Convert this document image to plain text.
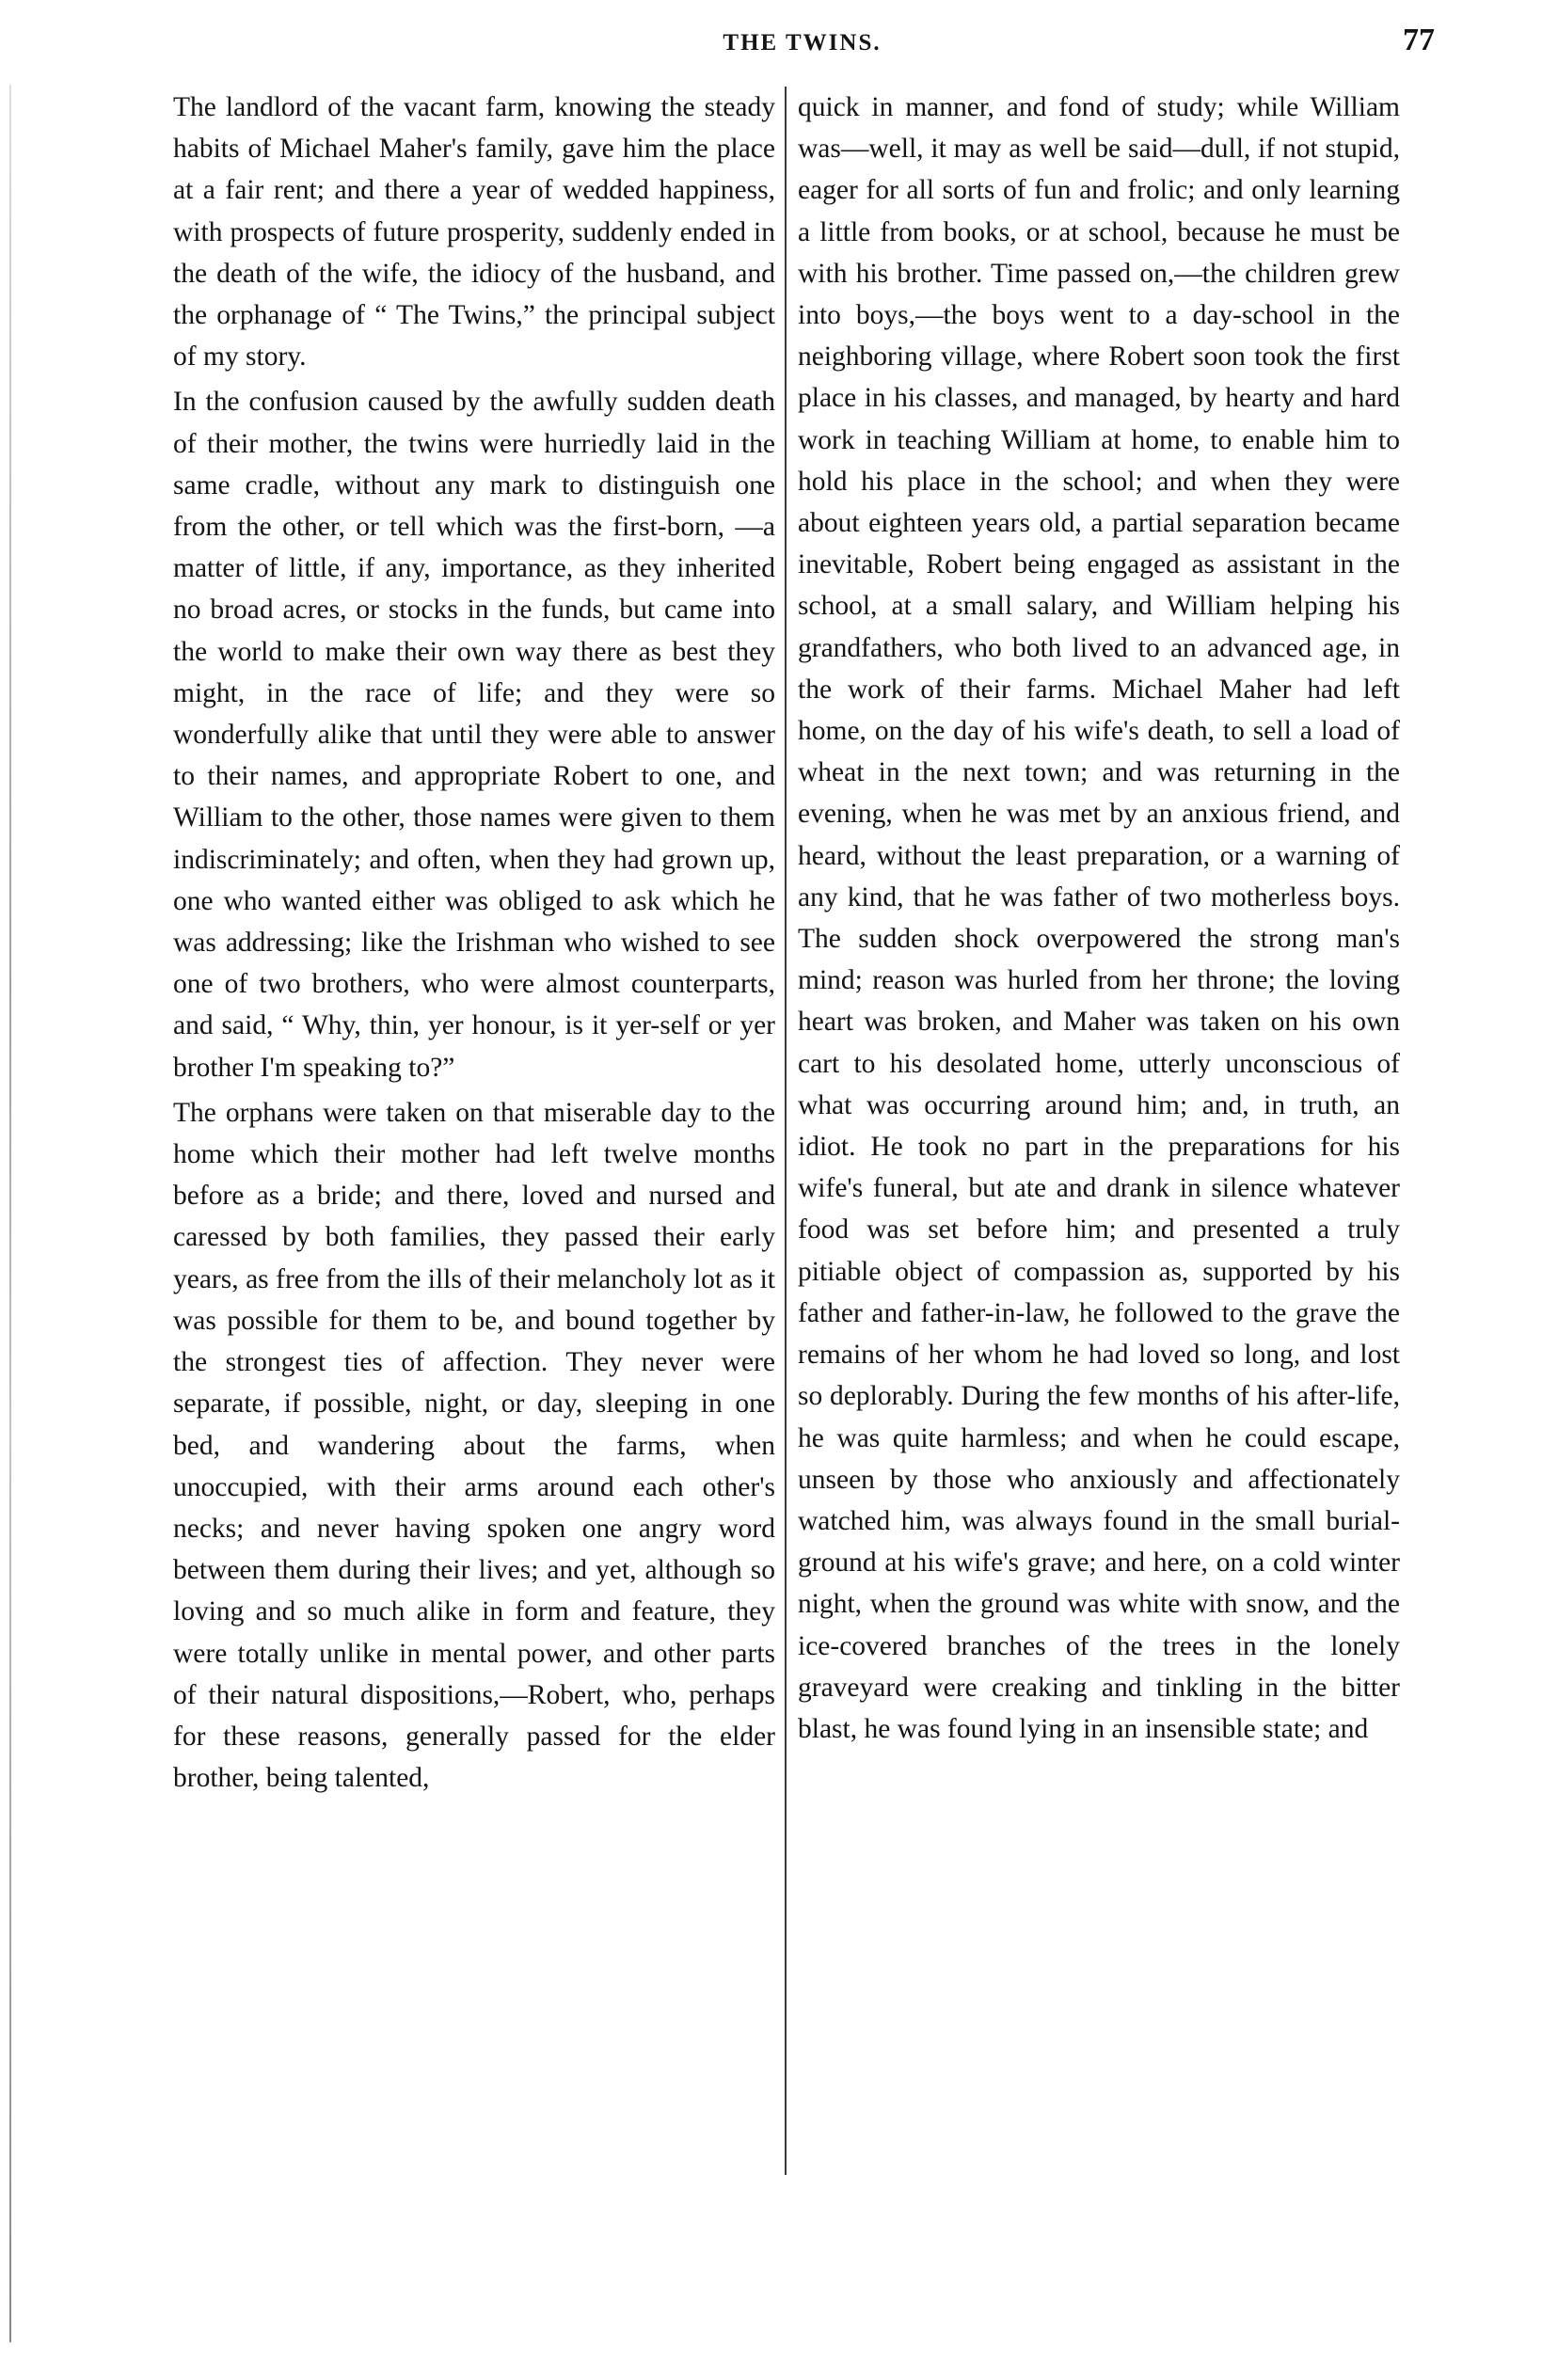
THE TWINS.	77

The landlord of the vacant farm, knowing the steady habits of Michael Maher's family, gave him the place at a fair rent; and there a year of wedded happiness, with prospects of future prosperity, suddenly ended in the death of the wife, the idiocy of the husband, and the orphanage of “ The Twins,” the principal subject of my story.

In the confusion caused by the awfully sudden death of their mother, the twins were hurriedly laid in the same cradle, without any mark to distinguish one from the other, or tell which was the first-born, —a matter of little, if any, importance, as they inherited no broad acres, or stocks in the funds, but came into the world to make their own way there as best they might, in the race of life; and they were so wonderfully alike that until they were able to answer to their names, and appropriate Robert to one, and William to the other, those names were given to them indiscriminately; and often, when they had grown up, one who wanted either was obliged to ask which he was addressing; like the Irishman who wished to see one of two brothers, who were almost counterparts, and said, “ Why, thin, yer honour, is it yer-self or yer brother I'm speaking to?”

The orphans were taken on that miserable day to the home which their mother had left twelve months before as a bride; and there, loved and nursed and caressed by both families, they passed their early years, as free from the ills of their melancholy lot as it was possible for them to be, and bound together by the strongest ties of affection. They never were separate, if possible, night, or day, sleeping in one bed, and wandering about the farms, when unoccupied, with their arms around each other's necks; and never having spoken one angry word between them during their lives; and yet, although so loving and so much alike in form and feature, they were totally unlike in mental power, and other parts of their natural dispositions,—Robert, who, perhaps for these reasons, generally passed for the elder brother, being talented,

quick in manner, and fond of study; while William was—well, it may as well be said—dull, if not stupid, eager for all sorts of fun and frolic; and only learning a little from books, or at school, because he must be with his brother. Time passed on,—the children grew into boys,—the boys went to a day-school in the neighboring village, where Robert soon took the first place in his classes, and managed, by hearty and hard work in teaching William at home, to enable him to hold his place in the school; and when they were about eighteen years old, a partial separation became inevitable, Robert being engaged as assistant in the school, at a small salary, and William helping his grandfathers, who both lived to an advanced age, in the work of their farms. Michael Maher had left home, on the day of his wife's death, to sell a load of wheat in the next town; and was returning in the evening, when he was met by an anxious friend, and heard, without the least preparation, or a warning of any kind, that he was father of two motherless boys. The sudden shock overpowered the strong man's mind; reason was hurled from her throne; the loving heart was broken, and Maher was taken on his own cart to his desolated home, utterly unconscious of what was occurring around him; and, in truth, an idiot. He took no part in the preparations for his wife's funeral, but ate and drank in silence whatever food was set before him; and presented a truly pitiable object of compassion as, supported by his father and father-in-law, he followed to the grave the remains of her whom he had loved so long, and lost so deplorably. During the few months of his after-life, he was quite harmless; and when he could escape, unseen by those who anxiously and affectionately watched him, was always found in the small burial-ground at his wife's grave; and here, on a cold winter night, when the ground was white with snow, and the ice-covered branches of the trees in the lonely graveyard were creaking and tinkling in the bitter blast, he was found lying in an insensible state; and
